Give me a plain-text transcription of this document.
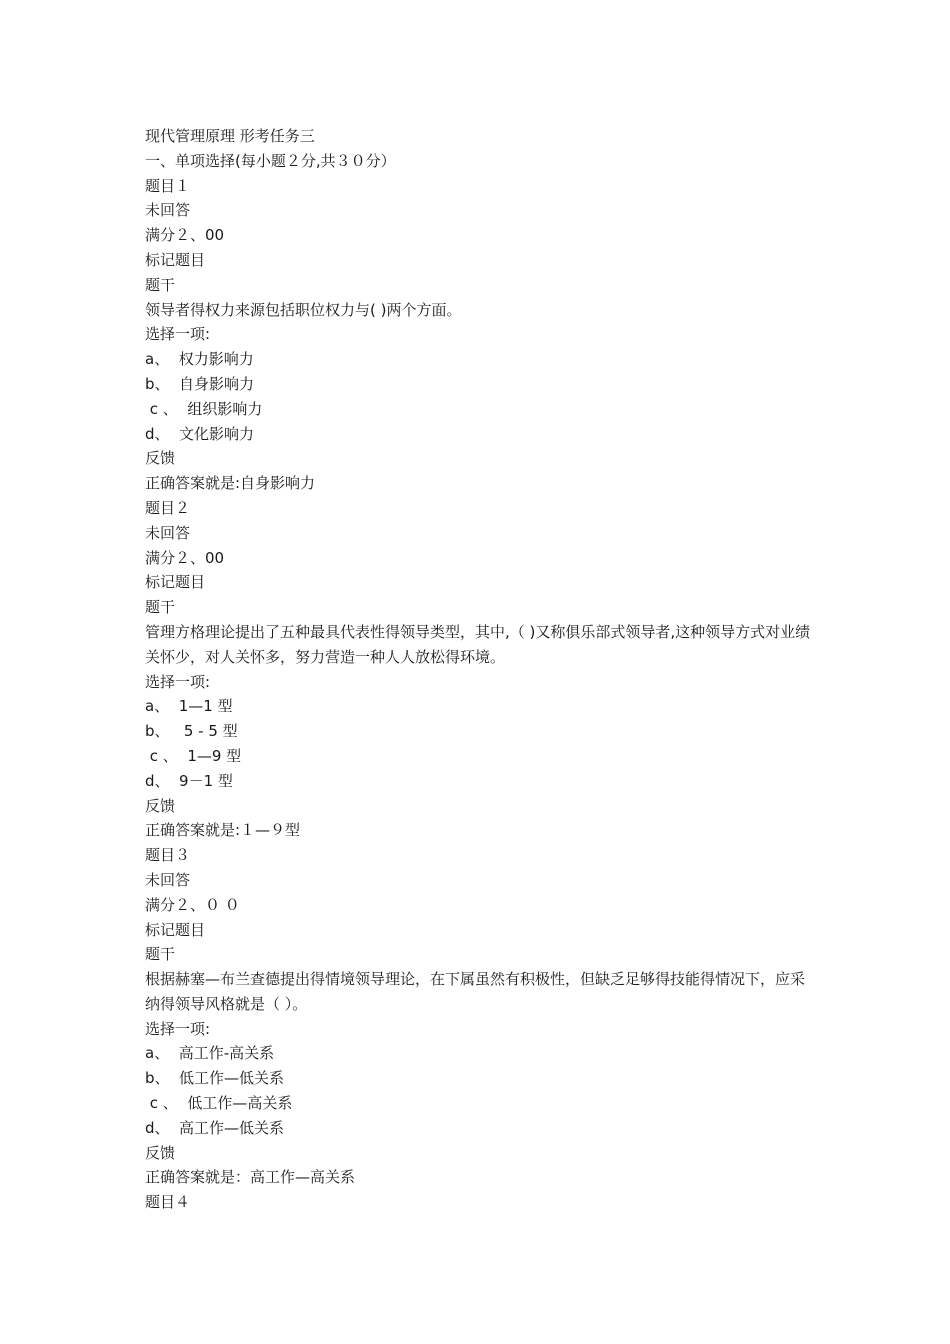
现代管理原理 形考任务三

一、单项选择(每小题２分,共３０分）

题目１

未回答

满分２、00

标记题目

题干

领导者得权力来源包括职位权力与( )两个方面。

选择一项:

a、  权力影响力

b、  自身影响力

c 、  组织影响力

d、  文化影响力

反馈

正确答案就是:自身影响力

题目２

未回答

满分２、00

标记题目

题干

管理方格理论提出了五种最具代表性得领导类型，其中,（ )又称俱乐部式领导者,这种领导方式对业绩关怀少，对人关怀多，努力营造一种人人放松得环境。

选择一项:

a、  1—1 型

b、   5 - 5 型

c 、  1—9 型

d、  9－1 型

反馈

正确答案就是:１—９型

题目３

未回答

满分２、０ ０

标记题目

题干

根据赫塞—布兰查德提出得情境领导理论，在下属虽然有积极性，但缺乏足够得技能得情况下，应采纳得领导风格就是（ ）。

选择一项:

a、  高工作-高关系

b、  低工作—低关系

c 、  低工作—高关系

d、  高工作—低关系

反馈

正确答案就是：高工作—高关系

题目４
